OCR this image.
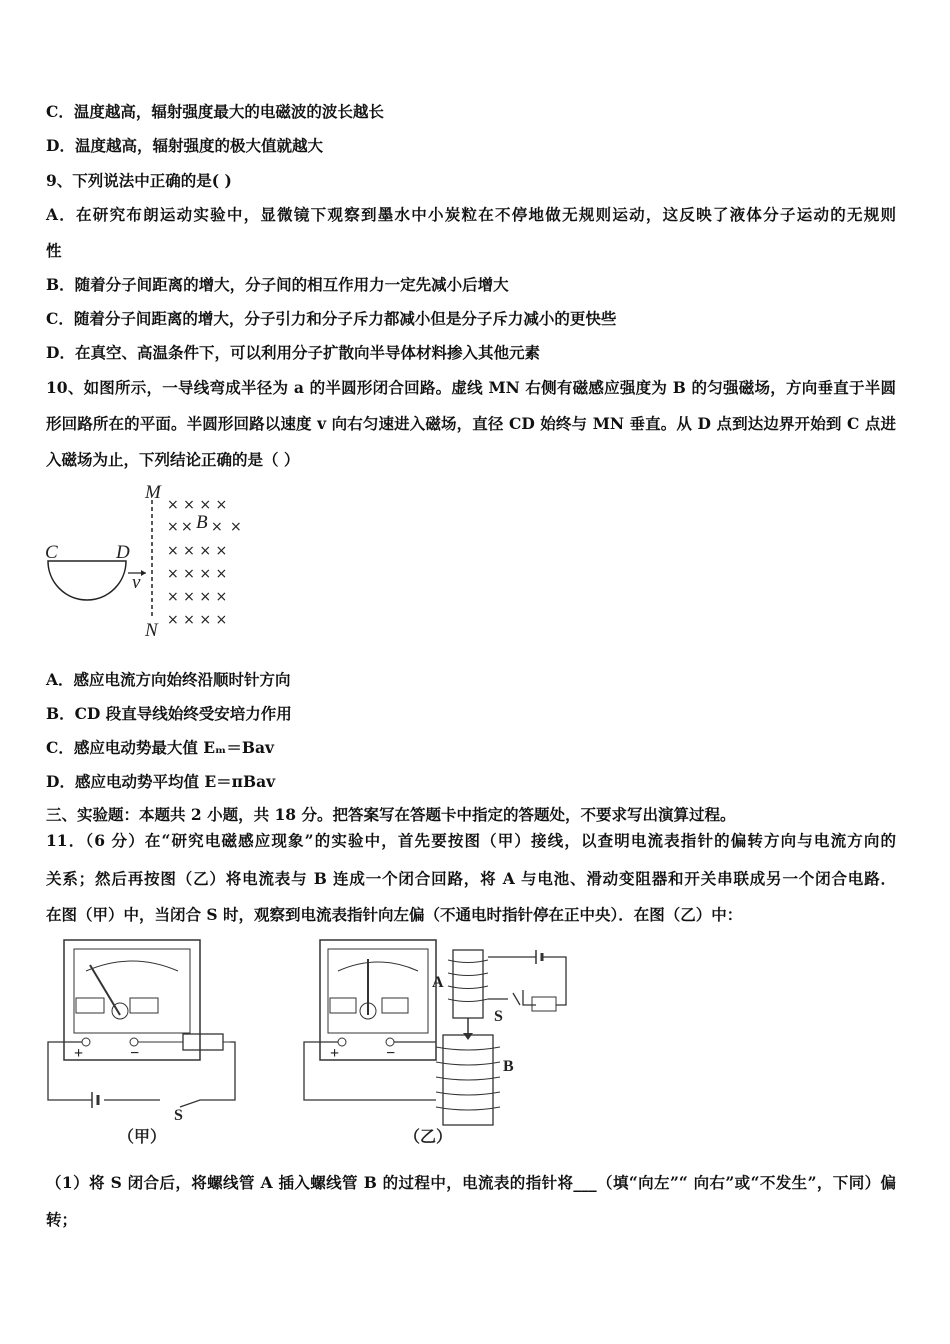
C．温度越高，辐射强度最大的电磁波的波长越长
D．温度越高，辐射强度的极大值就越大
9、下列说法中正确的是( )
A．在研究布朗运动实验中，显微镜下观察到墨水中小炭粒在不停地做无规则运动，这反映了液体分子运动的无规则
性
B．随着分子间距离的增大，分子间的相互作用力一定先减小后增大
C．随着分子间距离的增大，分子引力和分子斥力都减小但是分子斥力减小的更快些
D．在真空、高温条件下，可以利用分子扩散向半导体材料掺入其他元素
10、如图所示，一导线弯成半径为 a 的半圆形闭合回路。虚线 MN 右侧有磁感应强度为 B 的匀强磁场，方向垂直于半圆
形回路所在的平面。半圆形回路以速度 v 向右匀速进入磁场，直径 CD 始终与 MN 垂直。从 D 点到达边界开始到 C 点进
入磁场为止，下列结论正确的是（ ）
M
N
C	D
v
× × × ×
× × × ×
× × × ×
× × × ×
× × × ×
× × × ×
B
A．感应电流方向始终沿顺时针方向
B．CD 段直导线始终受安培力作用
C．感应电动势最大值 Eₘ＝Bav
D．感应电动势平均值 E＝πBav
三、实验题：本题共 2 小题，共 18 分。把答案写在答题卡中指定的答题处，不要求写出演算过程。
11．（6 分）在“研究电磁感应现象”的实验中，首先要按图（甲）接线，以查明电流表指针的偏转方向与电流方向的
关系；然后再按图（乙）将电流表与 B 连成一个闭合回路，将 A 与电池、滑动变阻器和开关串联成另一个闭合电路．
在图（甲）中，当闭合 S 时，观察到电流表指针向左偏（不通电时指针停在正中央）．在图（乙）中：
+	−
S
（甲）
+	−
A
S
B
（乙）
（1）将 S 闭合后，将螺线管 A 插入螺线管 B 的过程中，电流表的指针将___（填“向左”“ 向右”或“不发生”，下同）偏
转；
